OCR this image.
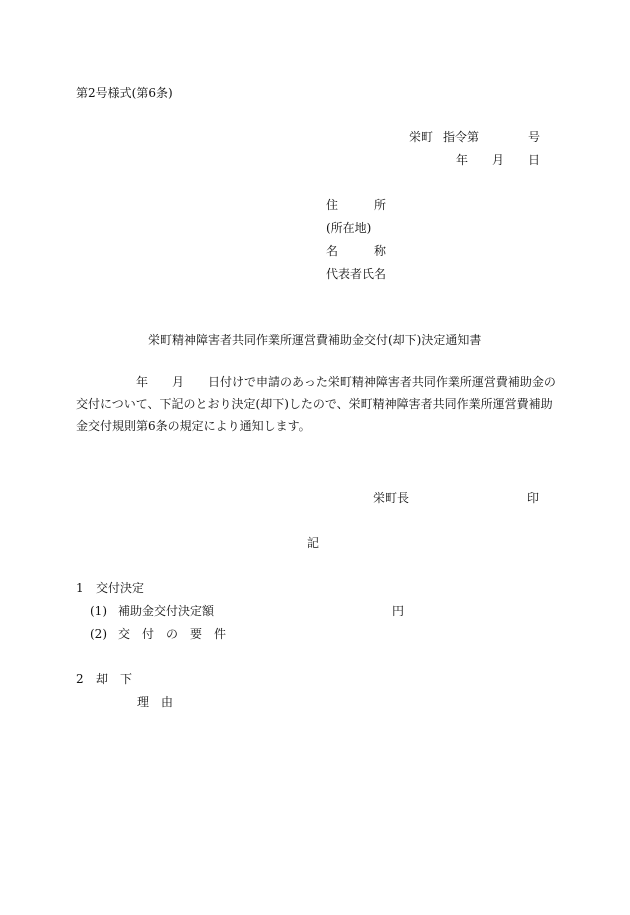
第2号様式(第6条)
栄町 指令第	号
年 月 日
住　　　所
(所在地)
名　　　称
代表者氏名
栄町精神障害者共同作業所運営費補助金交付(却下)決定通知書
年 月 日付けで申請のあった栄町精神障害者共同作業所運営費補助金の
交付について、下記のとおり決定(却下)したので、栄町精神障害者共同作業所運営費補助
金交付規則第6条の規定により通知します。
栄町長	印
記
1 交付決定
(1) 補助金交付決定額	円
(2) 交　付　の　要　件
2 却　下
理　由
